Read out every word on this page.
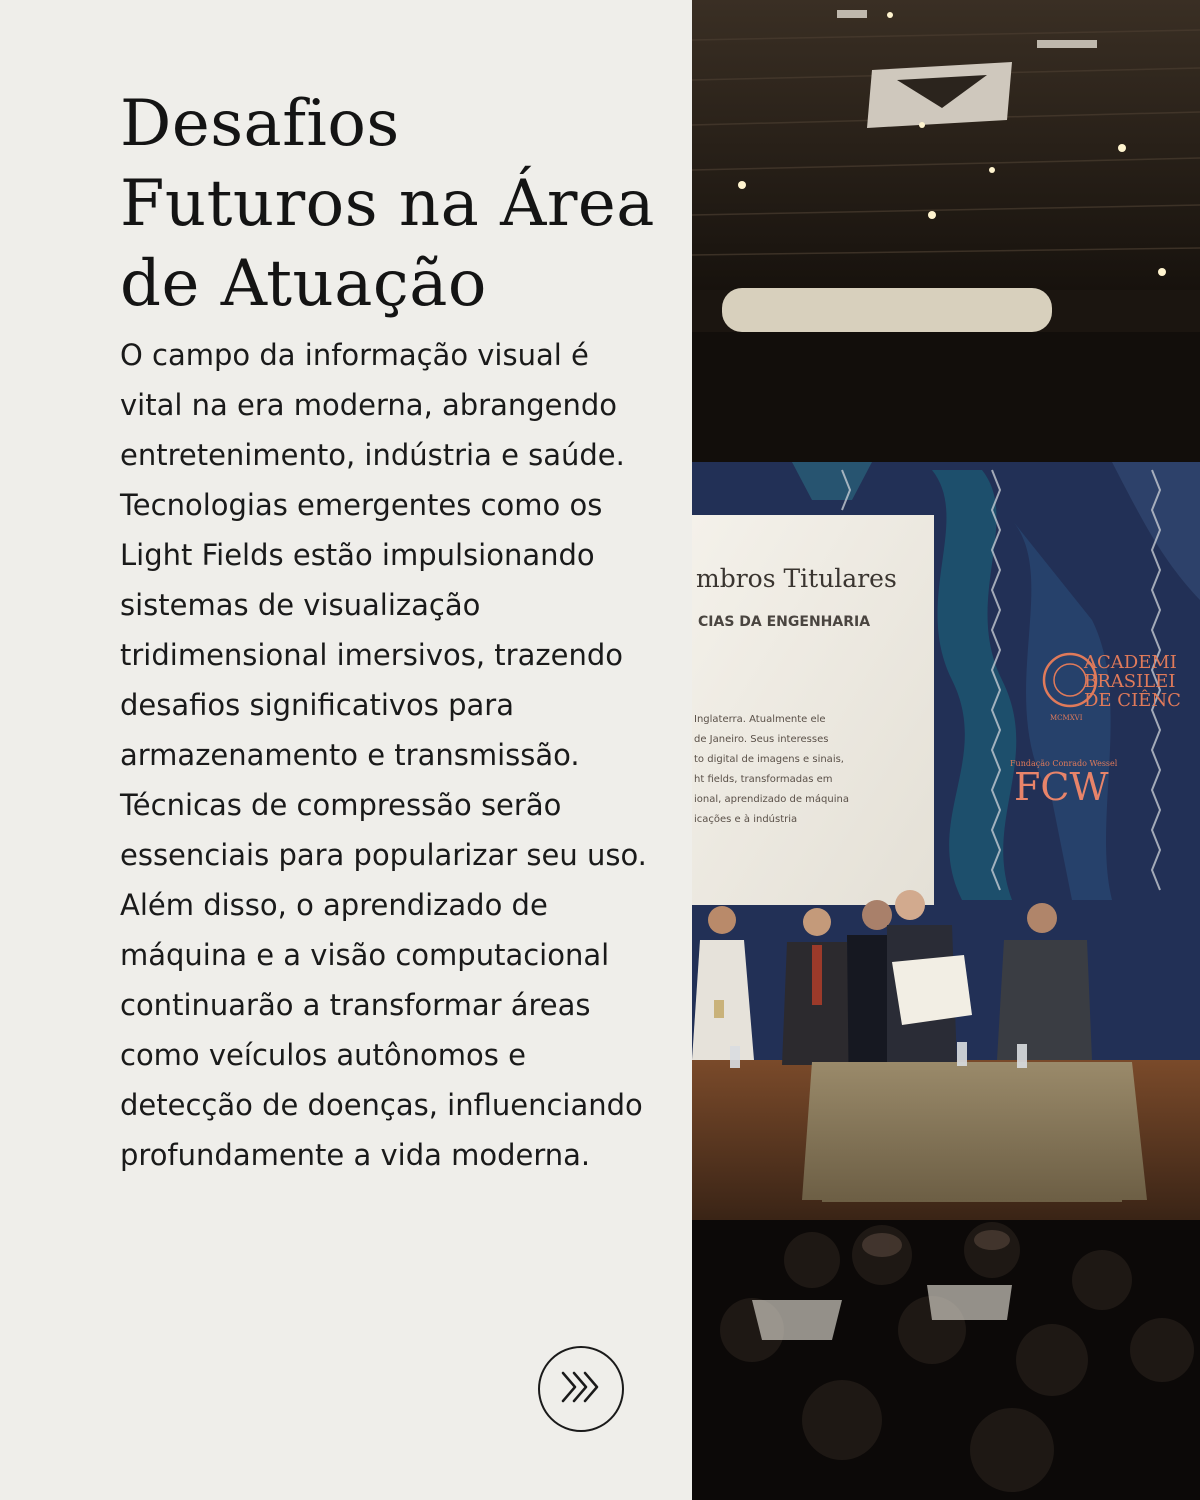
Desafios Futuros na Área de Atuação

O campo da informação visual é vital na era moderna, abrangendo entretenimento, indústria e saúde. Tecnologias emergentes como os Light Fields estão impulsionando sistemas de visualização tridimensional imersivos, trazendo desafios significativos para armazenamento e transmissão. Técnicas de compressão serão essenciais para popularizar seu uso. Além disso, o aprendizado de máquina e a visão computacional continuarão a transformar áreas como veículos autônomos e detecção de doenças, influenciando profundamente a vida moderna.

mbros Titulares
CIAS DA ENGENHARIA
Inglaterra. Atualmente ele
de Janeiro. Seus interesses
to digital de imagens e sinais,
ht fields, transformadas em
ional, aprendizado de máquina
icações e à indústria
ACADEMI
BRASILEI
DE CIÊNC
MCMXVI
Fundação Conrado Wessel
FCW
